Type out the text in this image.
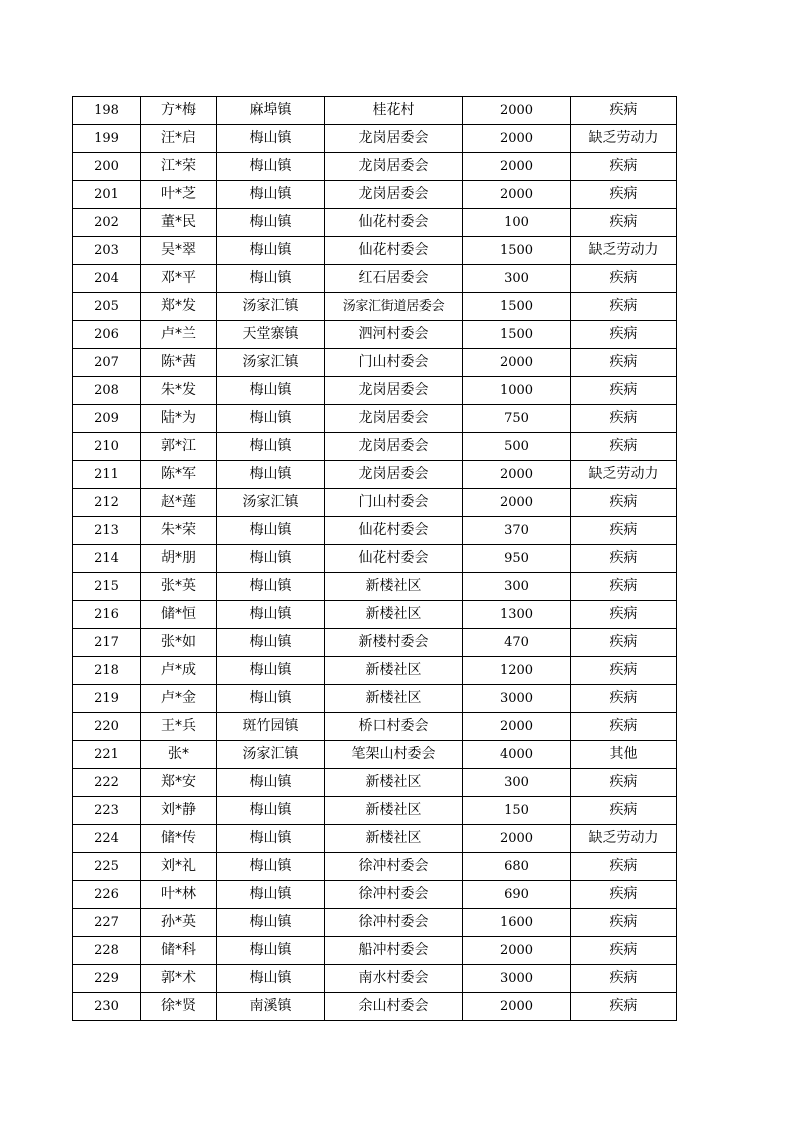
198	方*梅	麻埠镇	桂花村	2000	疾病
199	汪*启	梅山镇	龙岗居委会	2000	缺乏劳动力
200	江*荣	梅山镇	龙岗居委会	2000	疾病
201	叶*芝	梅山镇	龙岗居委会	2000	疾病
202	董*民	梅山镇	仙花村委会	100	疾病
203	吴*翠	梅山镇	仙花村委会	1500	缺乏劳动力
204	邓*平	梅山镇	红石居委会	300	疾病
205	郑*发	汤家汇镇	汤家汇街道居委会	1500	疾病
206	卢*兰	天堂寨镇	泗河村委会	1500	疾病
207	陈*茜	汤家汇镇	门山村委会	2000	疾病
208	朱*发	梅山镇	龙岗居委会	1000	疾病
209	陆*为	梅山镇	龙岗居委会	750	疾病
210	郭*江	梅山镇	龙岗居委会	500	疾病
211	陈*军	梅山镇	龙岗居委会	2000	缺乏劳动力
212	赵*莲	汤家汇镇	门山村委会	2000	疾病
213	朱*荣	梅山镇	仙花村委会	370	疾病
214	胡*朋	梅山镇	仙花村委会	950	疾病
215	张*英	梅山镇	新楼社区	300	疾病
216	储*恒	梅山镇	新楼社区	1300	疾病
217	张*如	梅山镇	新楼村委会	470	疾病
218	卢*成	梅山镇	新楼社区	1200	疾病
219	卢*金	梅山镇	新楼社区	3000	疾病
220	王*兵	斑竹园镇	桥口村委会	2000	疾病
221	张*	汤家汇镇	笔架山村委会	4000	其他
222	郑*安	梅山镇	新楼社区	300	疾病
223	刘*静	梅山镇	新楼社区	150	疾病
224	储*传	梅山镇	新楼社区	2000	缺乏劳动力
225	刘*礼	梅山镇	徐冲村委会	680	疾病
226	叶*林	梅山镇	徐冲村委会	690	疾病
227	孙*英	梅山镇	徐冲村委会	1600	疾病
228	储*科	梅山镇	船冲村委会	2000	疾病
229	郭*术	梅山镇	南水村委会	3000	疾病
230	徐*贤	南溪镇	余山村委会	2000	疾病
